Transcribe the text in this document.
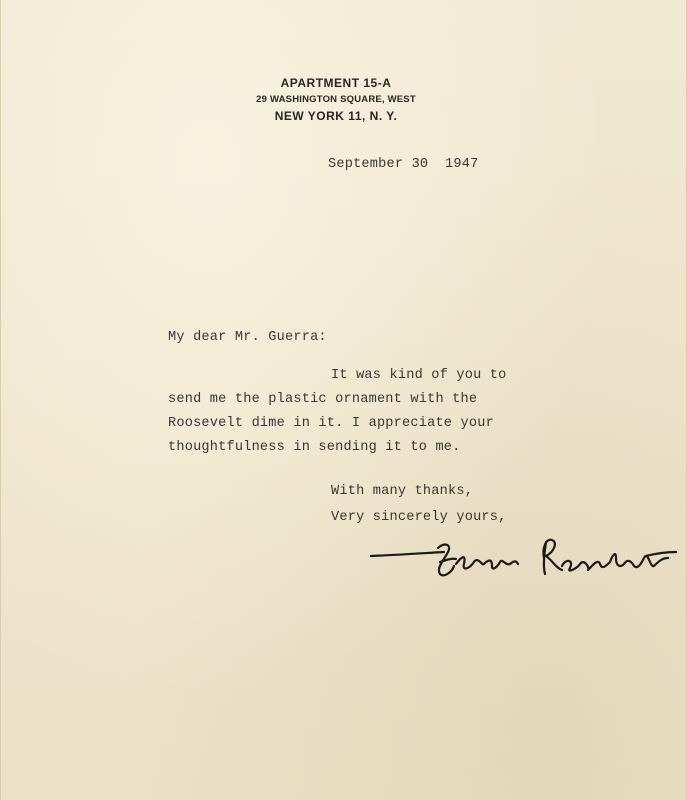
APARTMENT 15-A
29 WASHINGTON SQUARE, WEST
NEW YORK 11, N. Y.
September 30  1947
My dear Mr. Guerra:
It was kind of you to
send me the plastic ornament with the
Roosevelt dime in it. I appreciate your
thoughtfulness in sending it to me.
With many thanks,
Very sincerely yours,
